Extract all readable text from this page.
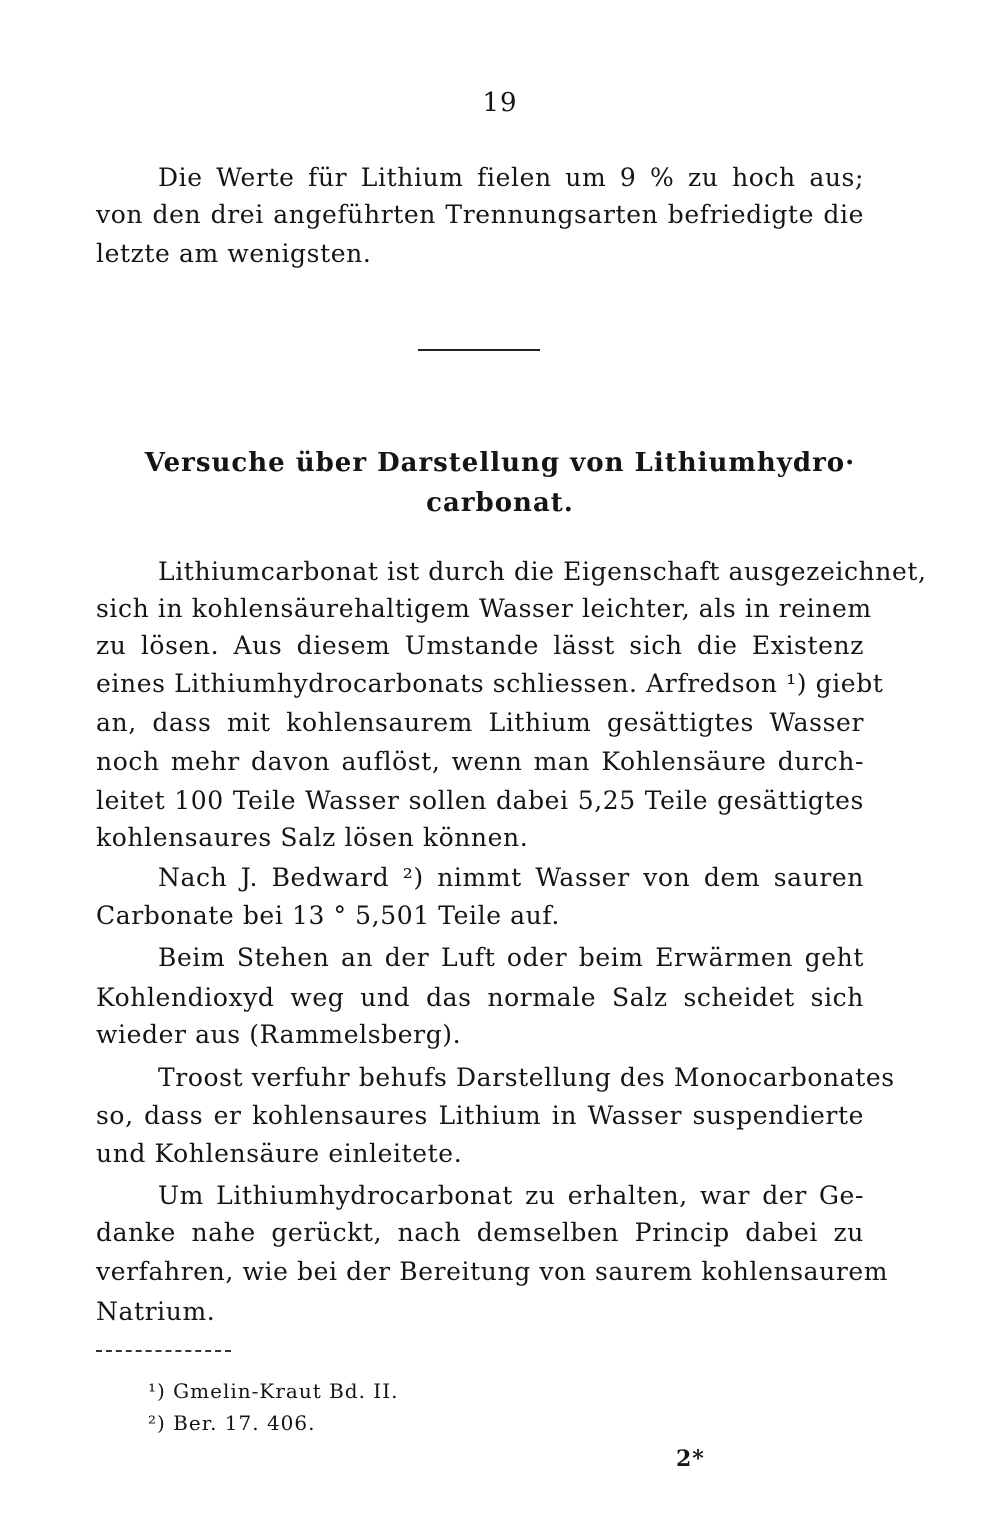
19
Die Werte für Lithium fielen um 9 % zu hoch aus;
von den drei angeführten Trennungsarten befriedigte die
letzte am wenigsten.
Versuche über Darstellung von Lithiumhydro·
carbonat.
Lithiumcarbonat ist durch die Eigenschaft ausgezeichnet,
sich in kohlensäurehaltigem Wasser leichter, als in reinem
zu lösen. Aus diesem Umstande lässt sich die Existenz
eines Lithiumhydrocarbonats schliessen. Arfredson ¹) giebt
an, dass mit kohlensaurem Lithium gesättigtes Wasser
noch mehr davon auflöst, wenn man Kohlensäure durch-
leitet 100 Teile Wasser sollen dabei 5,25 Teile gesättigtes
kohlensaures Salz lösen können.
Nach J. Bedward ²) nimmt Wasser von dem sauren
Carbonate bei 13 ° 5,501 Teile auf.
Beim Stehen an der Luft oder beim Erwärmen geht
Kohlendioxyd weg und das normale Salz scheidet sich
wieder aus (Rammelsberg).
Troost verfuhr behufs Darstellung des Monocarbonates
so, dass er kohlensaures Lithium in Wasser suspendierte
und Kohlensäure einleitete.
Um Lithiumhydrocarbonat zu erhalten, war der Ge-
danke nahe gerückt, nach demselben Princip dabei zu
verfahren, wie bei der Bereitung von saurem kohlensaurem
Natrium.
¹) Gmelin-Kraut Bd. II.
²) Ber. 17. 406.
2*
